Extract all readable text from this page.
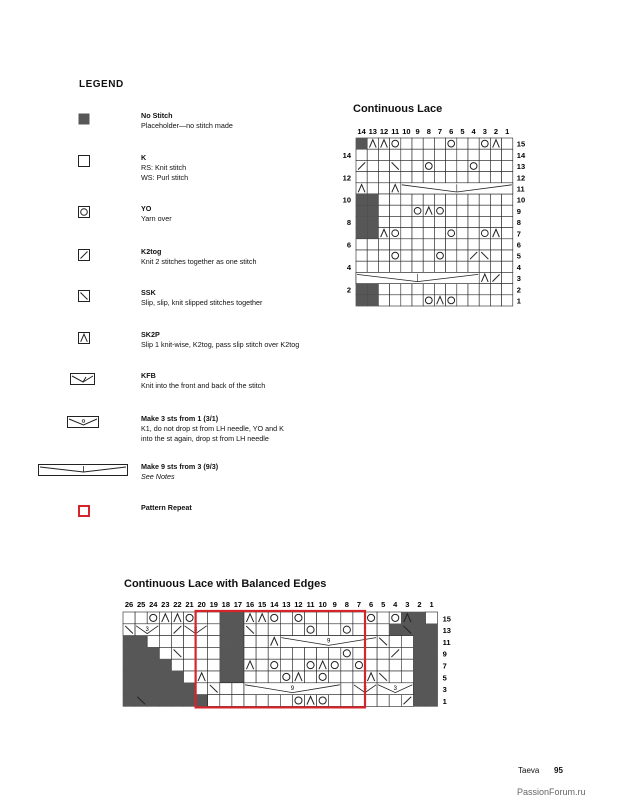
LEGEND
No Stitch
Placeholder—no stitch made
K
RS: Knit stitch
WS: Purl stitch
YO
Yarn over
K2tog
Knit 2 stitches together as one stitch
SSK
Slip, slip, knit slipped stitches together
SK2P
Slip 1 knit-wise, K2tog, pass slip stitch over K2tog
KFB
Knit into the front and back of the stitch
Make 3 sts from 1 (3/1)
K1, do not drop st from LH needle, YO and K
into the st again, drop st from LH needle
Make 9 sts from 3 (9/3)
See Notes
Pattern Repeat
Continuous Lace
14 13 12 11 10 9 8 7 6 5 4 3 2 1
15
14
14
13
12
12
11
10
10
9
8
8
7
6
6
5
4
4
3
2
2
1
Continuous Lace with Balanced Edges
26 25 24 23 22 21 20 19 18 17 16 15 14 13 12 11 10 9 8 7 6 5 4 3 2 1
15
13
11
9
7
5
3
1
3	3
9
9	3	3
Taeva 95
PassionForum.ru
